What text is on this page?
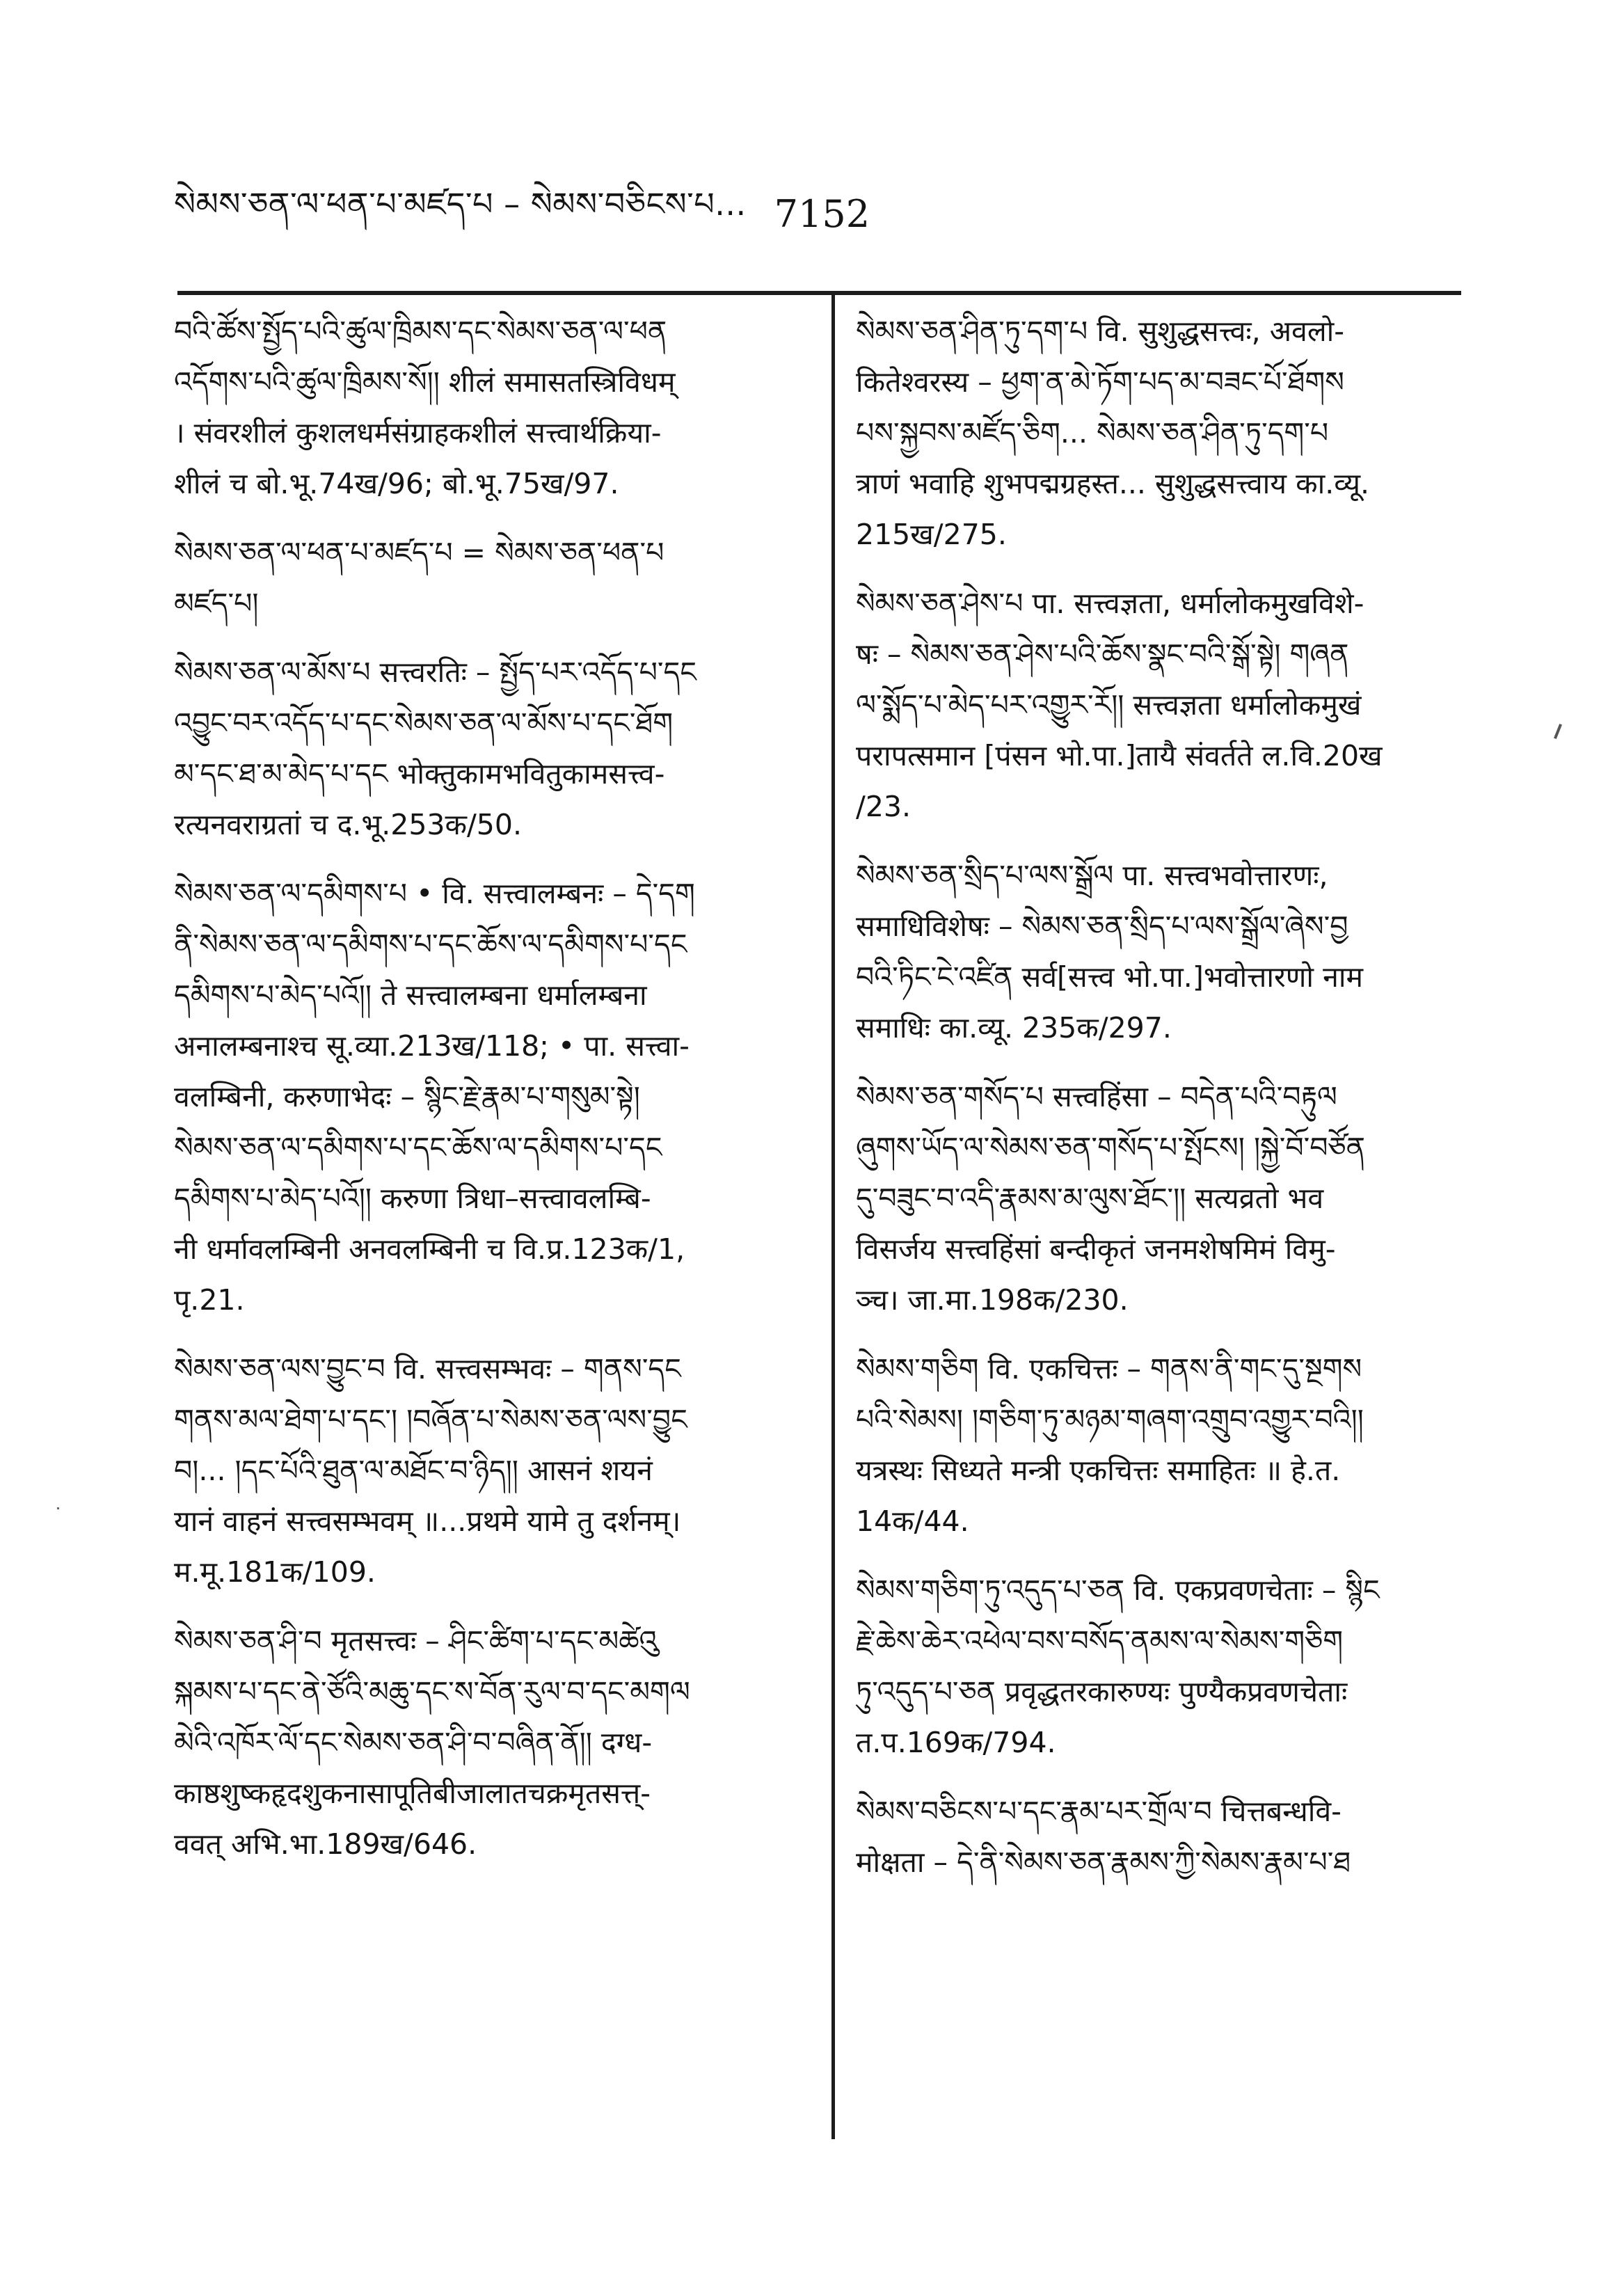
སེམས་ཅན་ལ་ཕན་པ་མཛད་པ – སེམས་བཅིངས་པ... 7152
བའི་ཚོས་སྤྱོད་པའི་ཚུལ་ཁྲིམས་དང་སེམས་ཅན་ལ་ཕན
འདོགས་པའི་ཚུལ་ཁྲིམས་སོ།། शीलं समासतस्त्रिविधम्
। संवरशीलं कुशलधर्मसंग्राहकशीलं सत्त्वार्थक्रिया-
शीलं च बो.भू.74ख/96; बो.भू.75ख/97.
སེམས་ཅན་ལ་ཕན་པ་མཛད་པ = སེམས་ཅན་ཕན་པ
མཛད་པ།
སེམས་ཅན་ལ་མོས་པ सत्त्वरतिः – སྤྱོད་པར་འདོད་པ་དང
འབྱུང་བར་འདོད་པ་དང་སེམས་ཅན་ལ་མོས་པ་དང་ཐོག
མ་དང་ཐ་མ་མེད་པ་དང भोक्तुकामभवितुकामसत्त्व-
रत्यनवराग्रतां च द.भू.253क/50.
སེམས་ཅན་ལ་དམིགས་པ • वि. सत्त्वालम्बनः – དེ་དག
ནི་སེམས་ཅན་ལ་དམིགས་པ་དང་ཆོས་ལ་དམིགས་པ་དང
དམིགས་པ་མེད་པའོ།། ते सत्त्वालम्बना धर्मालम्बना
अनालम्बनाश्च सू.व्या.213ख/118; • पा. सत्त्वा-
वलम्बिनी, करुणाभेदः – སྙིང་རྗེ་རྣམ་པ་གསུམ་སྟེ།
སེམས་ཅན་ལ་དམིགས་པ་དང་ཆོས་ལ་དམིགས་པ་དང
དམིགས་པ་མེད་པའོ།། करुणा त्रिधा–सत्त्वावलम्बि-
नी धर्मावलम्बिनी अनवलम्बिनी च वि.प्र.123क/1,
पृ.21.
སེམས་ཅན་ལས་བྱུང་བ वि. सत्त्वसम्भवः – གནས་དང
གནས་མལ་ཐེག་པ་དང་། །བཞོན་པ་སེམས་ཅན་ལས་བྱུང
བ།... །དང་པོའི་ཐུན་ལ་མཐོང་བ་ཉིད།། आसनं शयनं
यानं वाहनं सत्त्वसम्भवम् ॥...प्रथमे यामे तु दर्शनम्।
म.मू.181क/109.
སེམས་ཅན་ཤི་བ मृतसत्त्वः – ཤིང་ཚིག་པ་དང་མཚེའུ
སྐམས་པ་དང་ནེ་ཙོའི་མཆུ་དང་ས་བོན་རུལ་བ་དང་མགལ
མེའི་འཁོར་ལོ་དང་སེམས་ཅན་ཤི་བ་བཞིན་ནོ།། दग्ध-
काष्ठशुष्कहृदशुकनासापूतिबीजालातचक्रमृतसत्त्-
ववत् अभि.भा.189ख/646.
སེམས་ཅན་ཤིན་ཏུ་དག་པ वि. सुशुद्धसत्त्वः, अवलो-
कितेश्वरस्य – ཕྱག་ན་མེ་ཏོག་པད་མ་བཟང་པོ་ཐོགས
པས་སྐྱབས་མཛོད་ཅིག... སེམས་ཅན་ཤིན་ཏུ་དག་པ
त्राणं भवाहि शुभपद्मग्रहस्त... सुशुद्धसत्त्वाय का.व्यू.
215ख/275.
སེམས་ཅན་ཤེས་པ पा. सत्त्वज्ञता, धर्मालोकमुखविशे-
षः – སེམས་ཅན་ཤེས་པའི་ཆོས་སྣང་བའི་སྒོ་སྟེ། གཞན
ལ་སྨོད་པ་མེད་པར་འགྱུར་རོ།། सत्त्वज्ञता धर्मालोकमुखं
परापत्समान [पंसन भो.पा.]तायै संवर्तते ल.वि.20ख
/23.
སེམས་ཅན་སྲིད་པ་ལས་སྒྲོལ पा. सत्त्वभवोत्तारणः,
समाधिविशेषः – སེམས་ཅན་སྲིད་པ་ལས་སྒྲོལ་ཞེས་བྱ
བའི་ཏིང་ངེ་འཛིན सर्व[सत्त्व भो.पा.]भवोत्तारणो नाम
समाधिः का.व्यू. 235क/297.
སེམས་ཅན་གསོད་པ सत्त्वहिंसा – བདེན་པའི་བརྟུལ
ཞུགས་ཡོད་ལ་སེམས་ཅན་གསོད་པ་སྤོངས། །སྐྱེ་བོ་བཙོན
དུ་བཟུང་བ་འདི་རྣམས་མ་ལུས་ཐོང་།། सत्यव्रतो भव
विसर्जय सत्त्वहिंसां बन्दीकृतं जनमशेषमिमं विमु-
ञ्च। जा.मा.198क/230.
སེམས་གཅིག वि. एकचित्तः – གནས་ནི་གང་དུ་སྔགས
པའི་སེམས། །གཅིག་ཏུ་མཉམ་གཞག་འགྲུབ་འགྱུར་བའི།།
यत्रस्थः सिध्यते मन्त्री एकचित्तः समाहितः ॥ हे.त.
14क/44.
སེམས་གཅིག་ཏུ་འདུད་པ་ཅན वि. एकप्रवणचेताः – སྙིང
རྗེ་ཆེས་ཆེར་འཕེལ་བས་བསོད་ནམས་ལ་སེམས་གཅིག
ཏུ་འདུད་པ་ཅན प्रवृद्धतरकारुण्यः पुण्यैकप्रवणचेताः
त.प.169क/794.
སེམས་བཅིངས་པ་དང་རྣམ་པར་གྲོལ་བ चित्तबन्धवि-
मोक्षता – དེ་ནི་སེམས་ཅན་རྣམས་ཀྱི་སེམས་རྣམ་པ་ཐ
